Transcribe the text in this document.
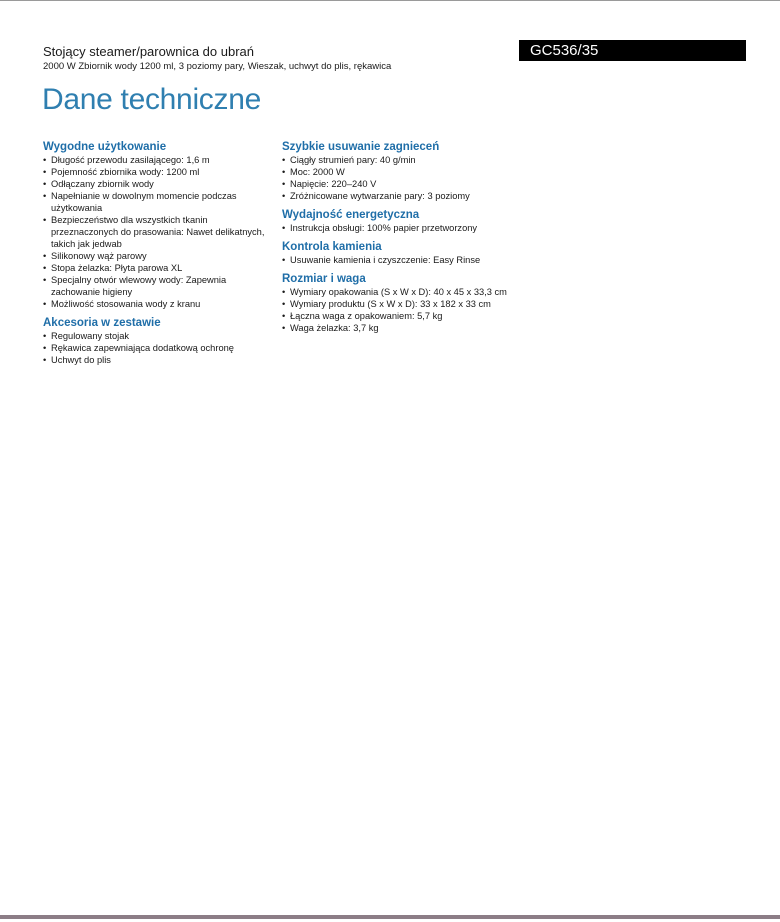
Stojący steamer/parownica do ubrań
2000 W Zbiornik wody 1200 ml, 3 poziomy pary, Wieszak, uchwyt do plis, rękawica
GC536/35
Dane techniczne
Wygodne użytkowanie
• Długość przewodu zasilającego: 1,6 m
• Pojemność zbiornika wody: 1200 ml
• Odłączany zbiornik wody
• Napełnianie w dowolnym momencie podczas użytkowania
• Bezpieczeństwo dla wszystkich tkanin przeznaczonych do prasowania: Nawet delikatnych, takich jak jedwab
• Silikonowy wąż parowy
• Stopa żelazka: Płyta parowa XL
• Specjalny otwór wlewowy wody: Zapewnia zachowanie higieny
• Możliwość stosowania wody z kranu
Akcesoria w zestawie
• Regulowany stojak
• Rękawica zapewniająca dodatkową ochronę
• Uchwyt do plis
Szybkie usuwanie zagnieceń
• Ciągły strumień pary: 40 g/min
• Moc: 2000 W
• Napięcie: 220–240 V
• Zróżnicowane wytwarzanie pary: 3 poziomy
Wydajność energetyczna
• Instrukcja obsługi: 100% papier przetworzony
Kontrola kamienia
• Usuwanie kamienia i czyszczenie: Easy Rinse
Rozmiar i waga
• Wymiary opakowania (S x W x D): 40 x 45 x 33,3 cm
• Wymiary produktu (S x W x D): 33 x 182 x 33 cm
• Łączna waga z opakowaniem: 5,7 kg
• Waga żelazka: 3,7 kg
